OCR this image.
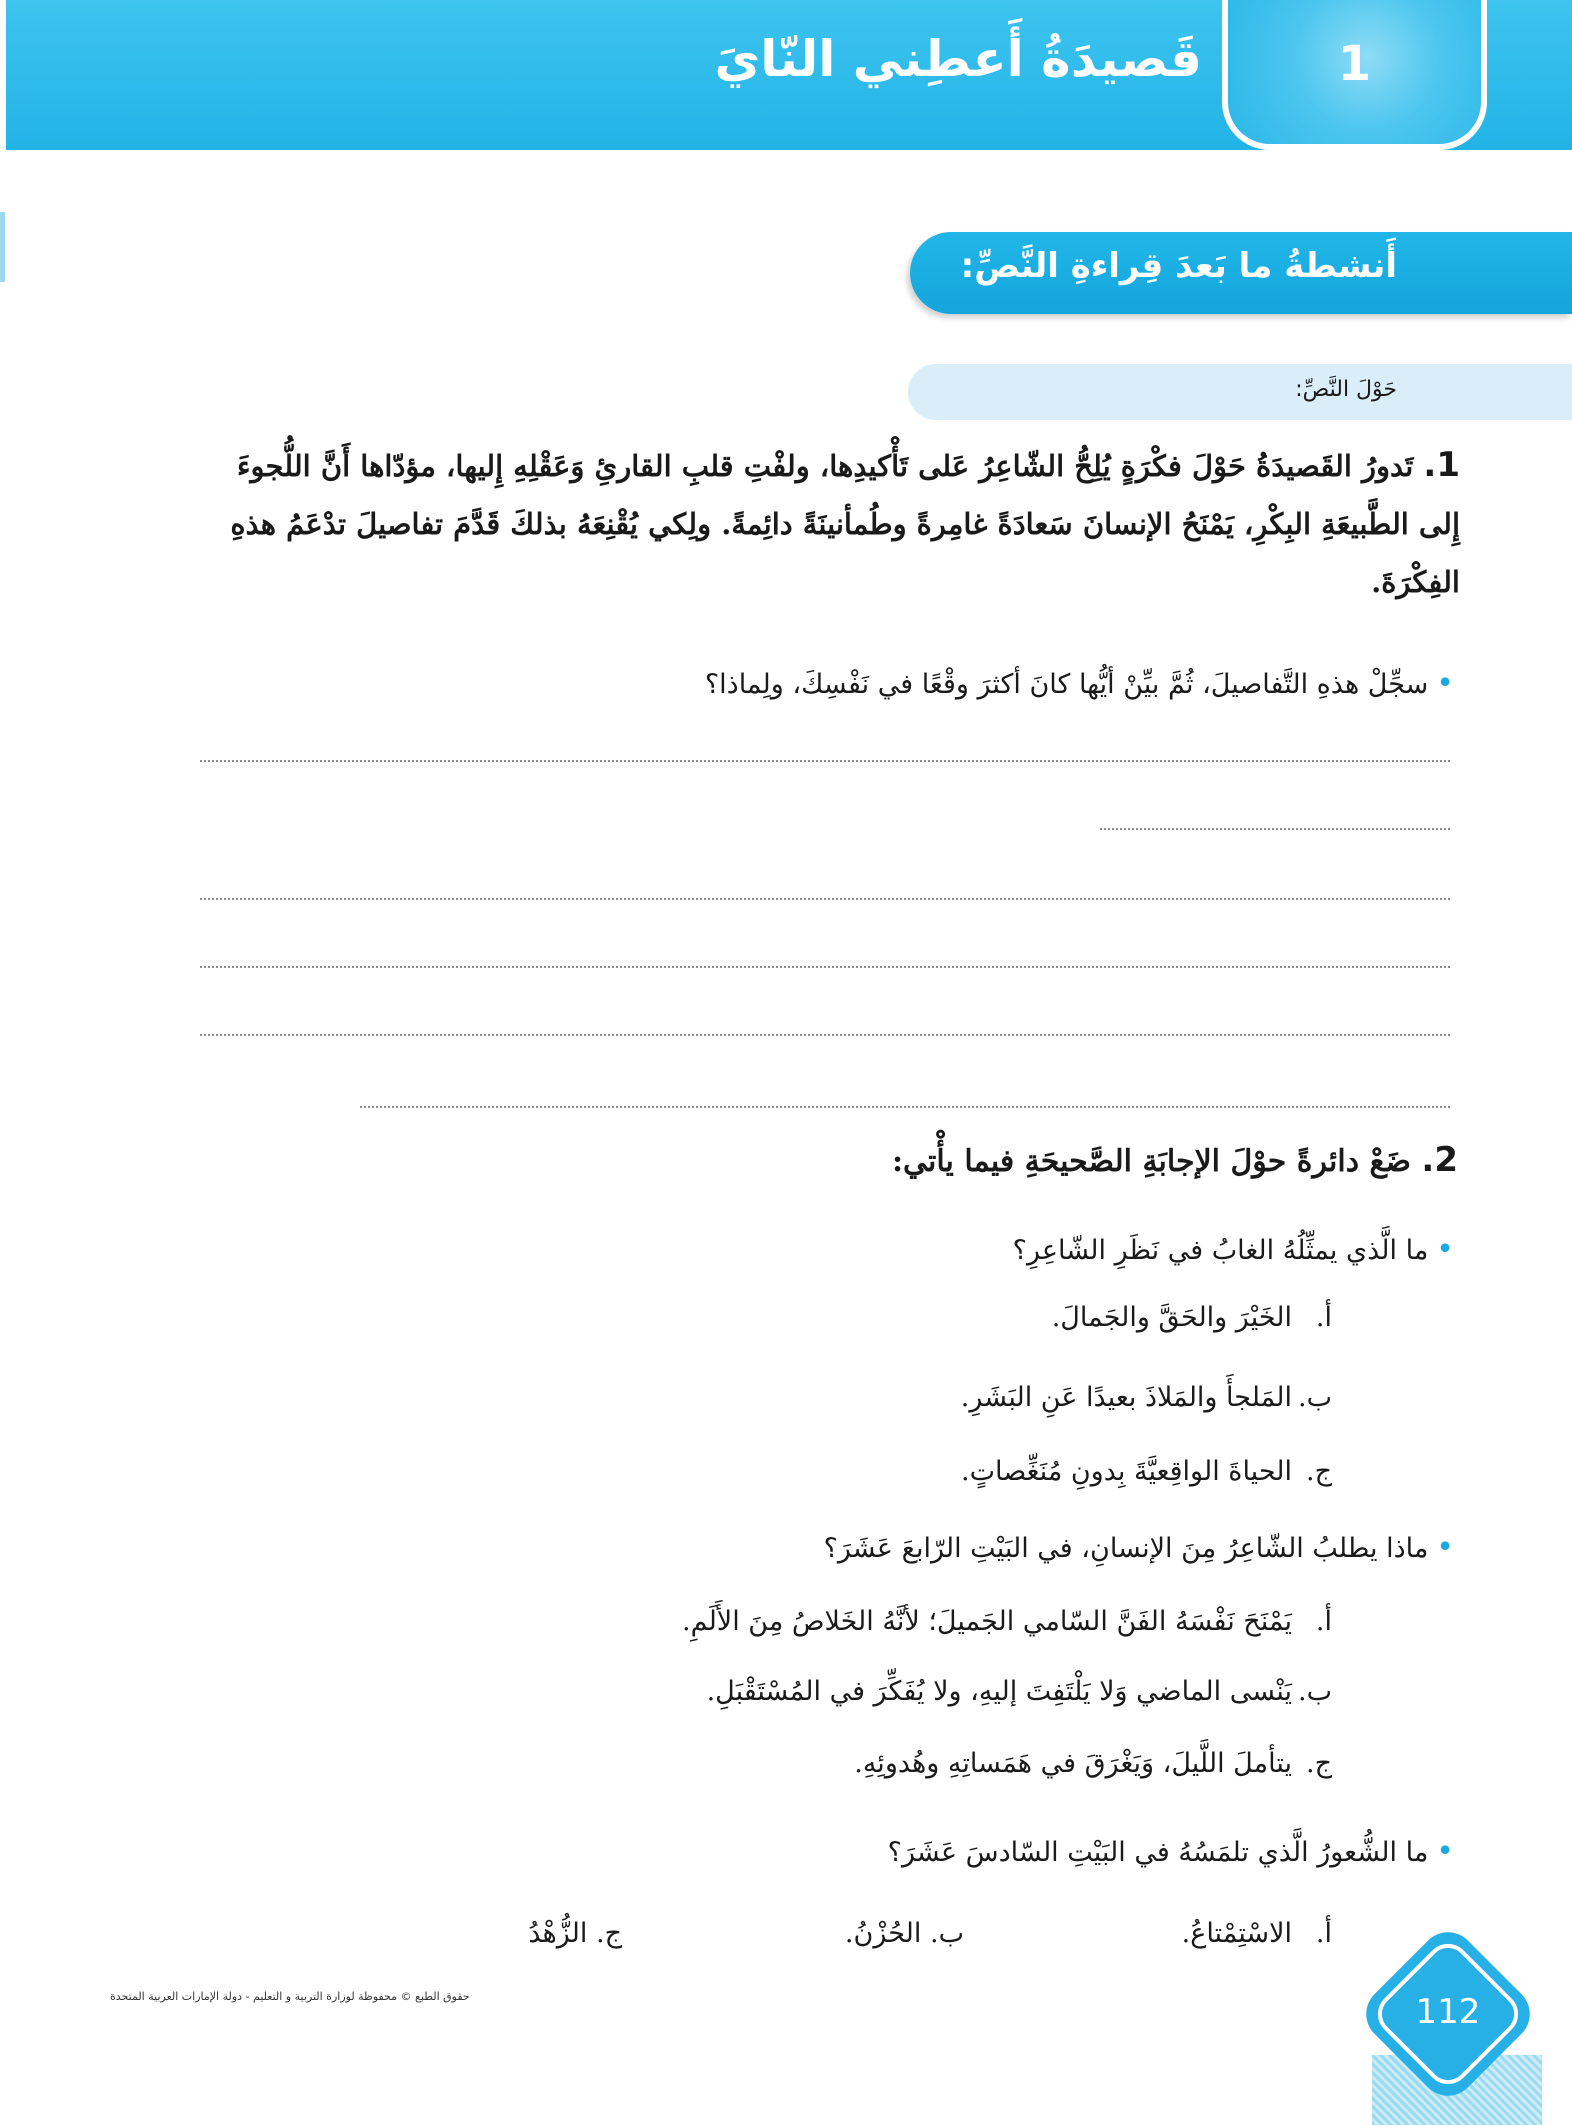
قَصيدَةُ أَعطِني النّايَ	1
أَنشطةُ ما بَعدَ قِراءةِ النَّصِّ:
حَوْلَ النَّصِّ:
1. تَدورُ القَصيدَةُ حَوْلَ فكْرَةٍ يُلِحُّ الشّاعِرُ عَلى تَأْكيدِها، ولفْتِ قلبِ القارئِ وَعَقْلِهِ إِليها، مؤدّاها أَنَّ اللُّجوءَ إِلى الطَّبيعَةِ البِكْرِ، يَمْنَحُ الإنسانَ سَعادَةً غامِرةً وطُمأنينَةً دائِمةً. ولِكي يُقْنِعَهُ بذلكَ قَدَّمَ تفاصيلَ تدْعَمُ هذهِ الفِكْرَةَ.
•سجِّلْ هذهِ التَّفاصيلَ، ثُمَّ بيِّنْ أيُّها كانَ أكثرَ وقْعًا في نَفْسِكَ، ولِماذا؟
2. ضَعْ دائرةً حوْلَ الإجابَةِ الصَّحيحَةِ فيما يأْتي:
•ما الَّذي يمثِّلُهُ الغابُ في نَظَرِ الشّاعِرِ؟
أ.الخَيْرَ والحَقَّ والجَمالَ.
ب.المَلجأَ والمَلاذَ بعيدًا عَنِ البَشَرِ.
ج.الحياةَ الواقِعيَّةَ بِدونِ مُنَغِّصاتٍ.
•ماذا يطلبُ الشّاعِرُ مِنَ الإنسانِ، في البَيْتِ الرّابعَ عَشَرَ؟
أ.يَمْنَحَ نَفْسَهُ الفَنَّ السّامي الجَميلَ؛ لأنَّهُ الخَلاصُ مِنَ الأَلَمِ.
ب.يَنْسى الماضي وَلا يَلْتَفِتَ إليهِ، ولا يُفَكِّرَ في المُسْتَقْبَلِ.
ج.يتأملَ اللَّيلَ، وَيَغْرَقَ في هَمَساتِهِ وهُدوئِهِ.
•ما الشُّعورُ الَّذي تلمَسُهُ في البَيْتِ السّادسَ عَشَرَ؟
أ.الاسْتِمْتاعُ.
ب. الحُزْنُ.
ج. الزُّهْدُ
112
حقوق الطبع © محفوظة لوزارة التربية و التعليم - دولة الإمارات العربية المتحدة
